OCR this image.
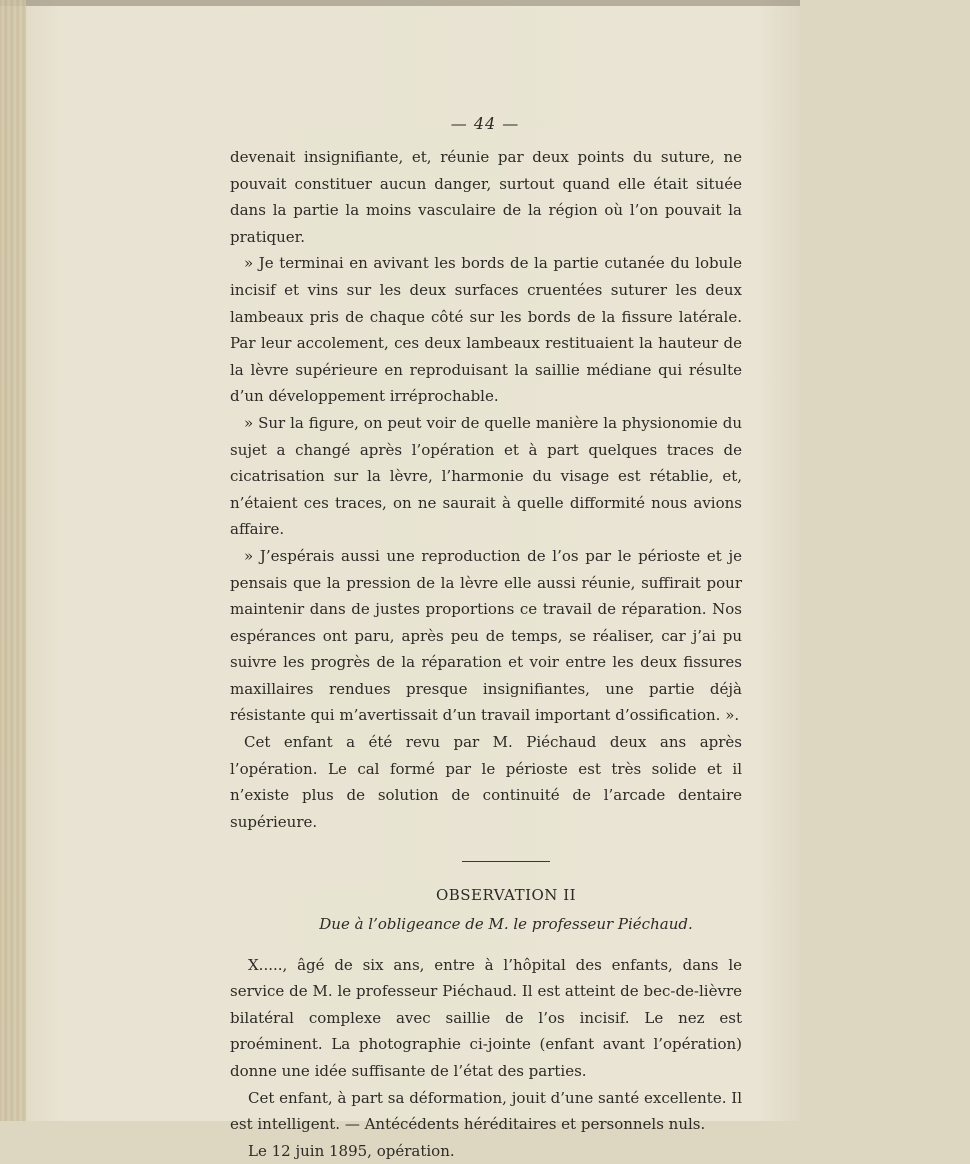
— 44 —

devenait insignifiante, et, réunie par deux points du suture, ne pouvait constituer aucun danger, surtout quand elle était située dans la partie la moins vasculaire de la région où l’on pouvait la pratiquer.

» Je terminai en avivant les bords de la partie cutanée du lobule incisif et vins sur les deux surfaces cruentées suturer les deux lambeaux pris de chaque côté sur les bords de la fissure latérale. Par leur accolement, ces deux lambeaux restituaient la hauteur de la lèvre supérieure en reproduisant la saillie médiane qui résulte d’un développement irréprochable.

» Sur la figure, on peut voir de quelle manière la physionomie du sujet a changé après l’opération et à part quelques traces de cicatrisation sur la lèvre, l’harmonie du visage est rétablie, et, n’étaient ces traces, on ne saurait à quelle difformité nous avions affaire.

» J’espérais aussi une reproduction de l’os par le périoste et je pensais que la pression de la lèvre elle aussi réunie, suffirait pour maintenir dans de justes proportions ce travail de réparation. Nos espérances ont paru, après peu de temps, se réaliser, car j’ai pu suivre les progrès de la réparation et voir entre les deux fissures maxillaires rendues presque insignifiantes, une partie déjà résistante qui m’avertissait d’un travail important d’ossification. ».

Cet enfant a été revu par M. Piéchaud deux ans après l’opération. Le cal formé par le périoste est très solide et il n’existe plus de solution de continuité de l’arcade dentaire supérieure.

OBSERVATION II
Due à l’obligeance de M. le professeur Piéchaud.

X....., âgé de six ans, entre à l’hôpital des enfants, dans le service de M. le professeur Piéchaud. Il est atteint de bec-de-lièvre bilatéral complexe avec saillie de l’os incisif. Le nez est proéminent. La photographie ci-jointe (enfant avant l’opération) donne une idée suffisante de l’état des parties.

Cet enfant, à part sa déformation, jouit d’une santé excellente. Il est intelligent. — Antécédents héréditaires et personnels nuls.

Le 12 juin 1895, opération.
